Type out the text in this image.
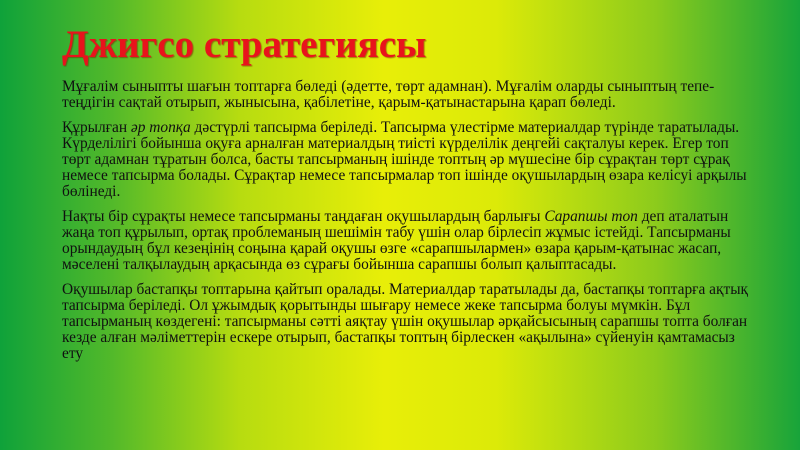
Джигсо стратегиясы

Мұғалім сыныпты шағын топтарға бөледі (әдетте, төрт адамнан). Мұғалім оларды сыныптың тепе-теңдігін сақтай отырып, жынысына, қабілетіне, қарым-қатынастарына қарап бөледі.

Құрылған әр топқа дәстүрлі тапсырма беріледі. Тапсырма үлестірме материалдар түрінде таратылады. Күрделілігі бойынша оқуға арналған материалдың тиісті күрделілік деңгейі сақталуы керек. Егер топ төрт адамнан тұратын болса, басты тапсырманың ішінде топтың әр мүшесіне бір сұрақтан төрт сұрақ немесе тапсырма болады. Сұрақтар немесе тапсырмалар топ ішінде оқушылардың өзара келісуі арқылы бөлінеді.

Нақты бір сұрақты немесе тапсырманы таңдаған оқушылардың барлығы Сарапшы топ деп аталатын жаңа топ құрылып, ортақ проблеманың шешімін табу үшін олар бірлесіп жұмыс істейді. Тапсырманы орындаудың бұл кезеңінің соңына қарай оқушы өзге «сарапшылармен» өзара қарым-қатынас жасап, мәселені талқылаудың арқасында өз сұрағы бойынша сарапшы болып қалыптасады.

Оқушылар бастапқы топтарына қайтып оралады. Материалдар таратылады да, бастапқы топтарға ақтық тапсырма беріледі. Ол ұжымдық қорытынды шығару немесе жеке тапсырма болуы мүмкін. Бұл тапсырманың көздегені: тапсырманы сәтті аяқтау үшін оқушылар әрқайсысының сарапшы топта болған кезде алған мәліметтерін ескере отырып, бастапқы топтың бірлескен «ақылына» сүйенуін қамтамасыз ету
